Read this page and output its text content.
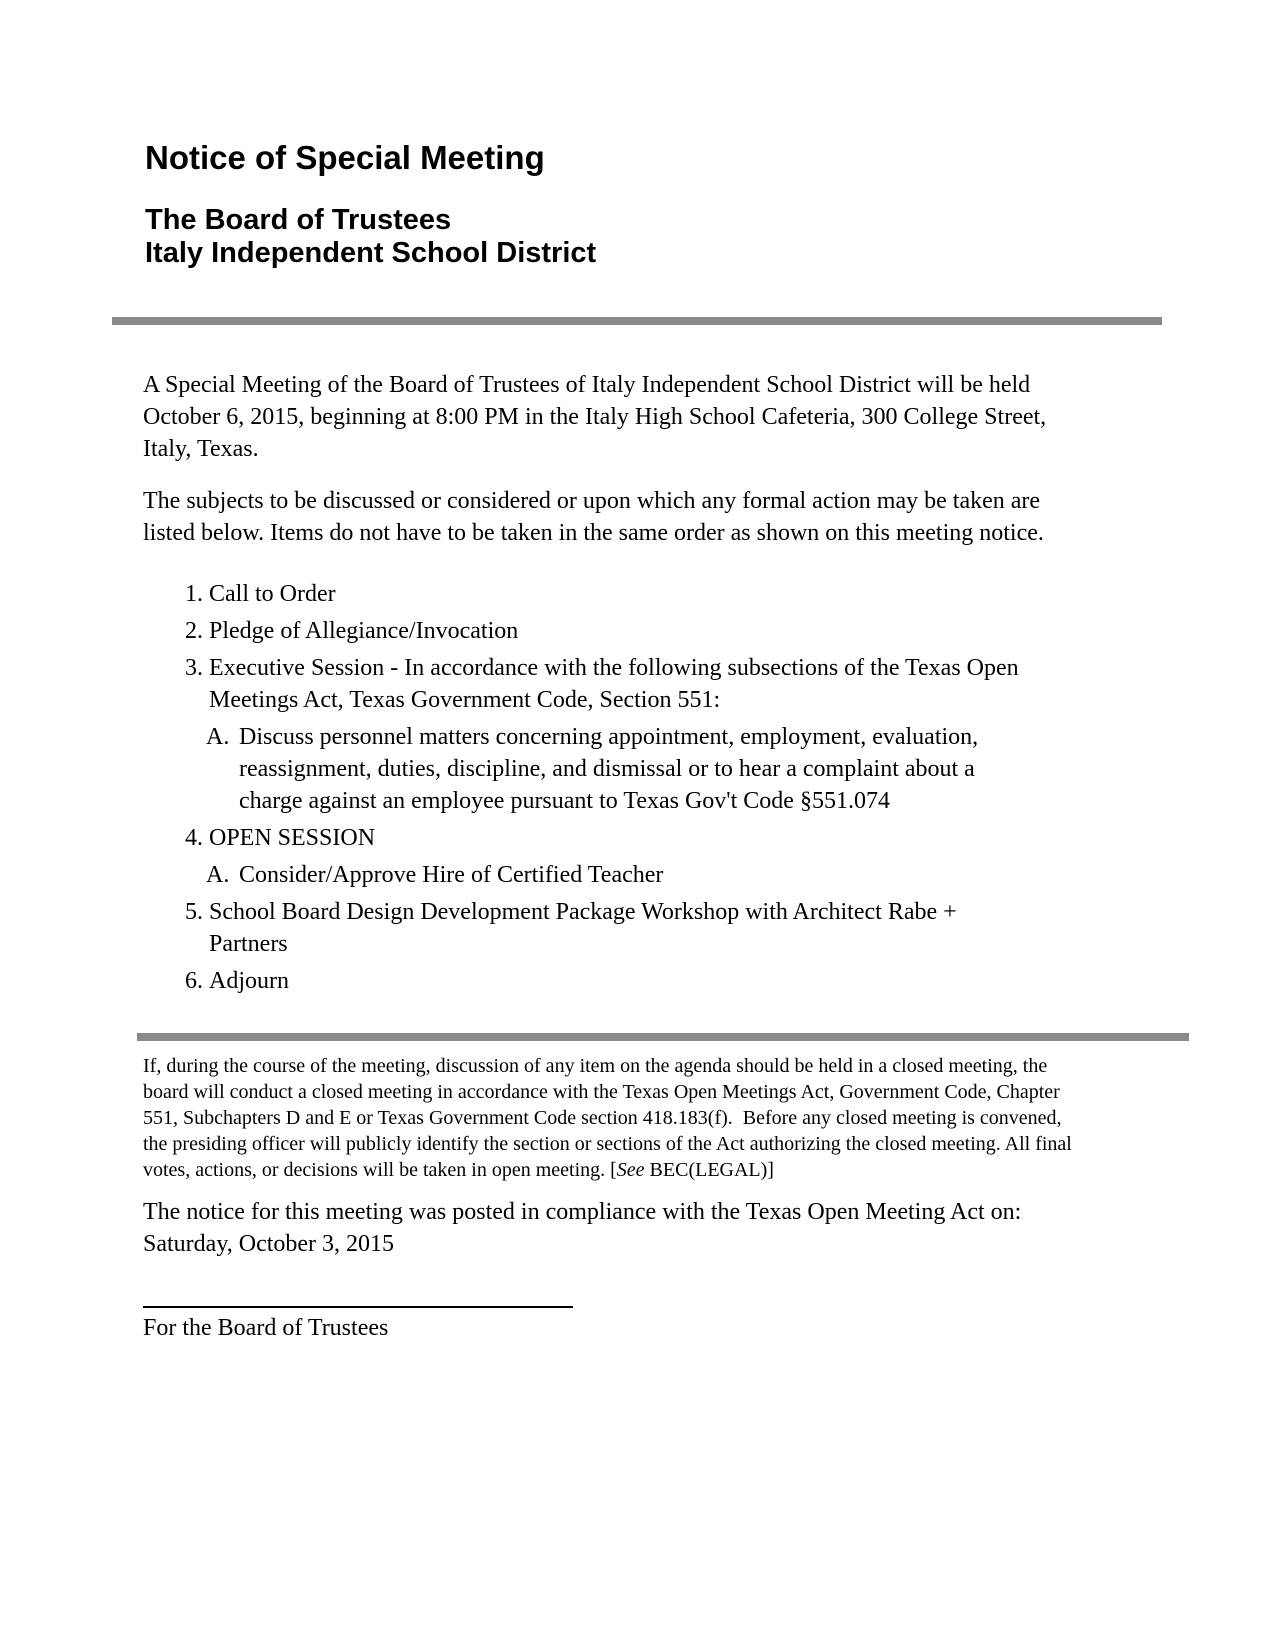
Notice of Special Meeting
The Board of Trustees
Italy Independent School District
A Special Meeting of the Board of Trustees of Italy Independent School District will be held
October 6, 2015, beginning at 8:00 PM in the Italy High School Cafeteria, 300 College Street,
Italy, Texas.
The subjects to be discussed or considered or upon which any formal action may be taken are
listed below. Items do not have to be taken in the same order as shown on this meeting notice.
1. Call to Order
2. Pledge of Allegiance/Invocation
3. Executive Session - In accordance with the following subsections of the Texas Open
Meetings Act, Texas Government Code, Section 551:
A. Discuss personnel matters concerning appointment, employment, evaluation,
reassignment, duties, discipline, and dismissal or to hear a complaint about a
charge against an employee pursuant to Texas Gov't Code §551.074
4. OPEN SESSION
A. Consider/Approve Hire of Certified Teacher
5. School Board Design Development Package Workshop with Architect Rabe +
Partners
6. Adjourn
If, during the course of the meeting, discussion of any item on the agenda should be held in a closed meeting, the
board will conduct a closed meeting in accordance with the Texas Open Meetings Act, Government Code, Chapter
551, Subchapters D and E or Texas Government Code section 418.183(f).  Before any closed meeting is convened,
the presiding officer will publicly identify the section or sections of the Act authorizing the closed meeting. All final
votes, actions, or decisions will be taken in open meeting. [See BEC(LEGAL)]
The notice for this meeting was posted in compliance with the Texas Open Meeting Act on:
Saturday, October 3, 2015
For the Board of Trustees
